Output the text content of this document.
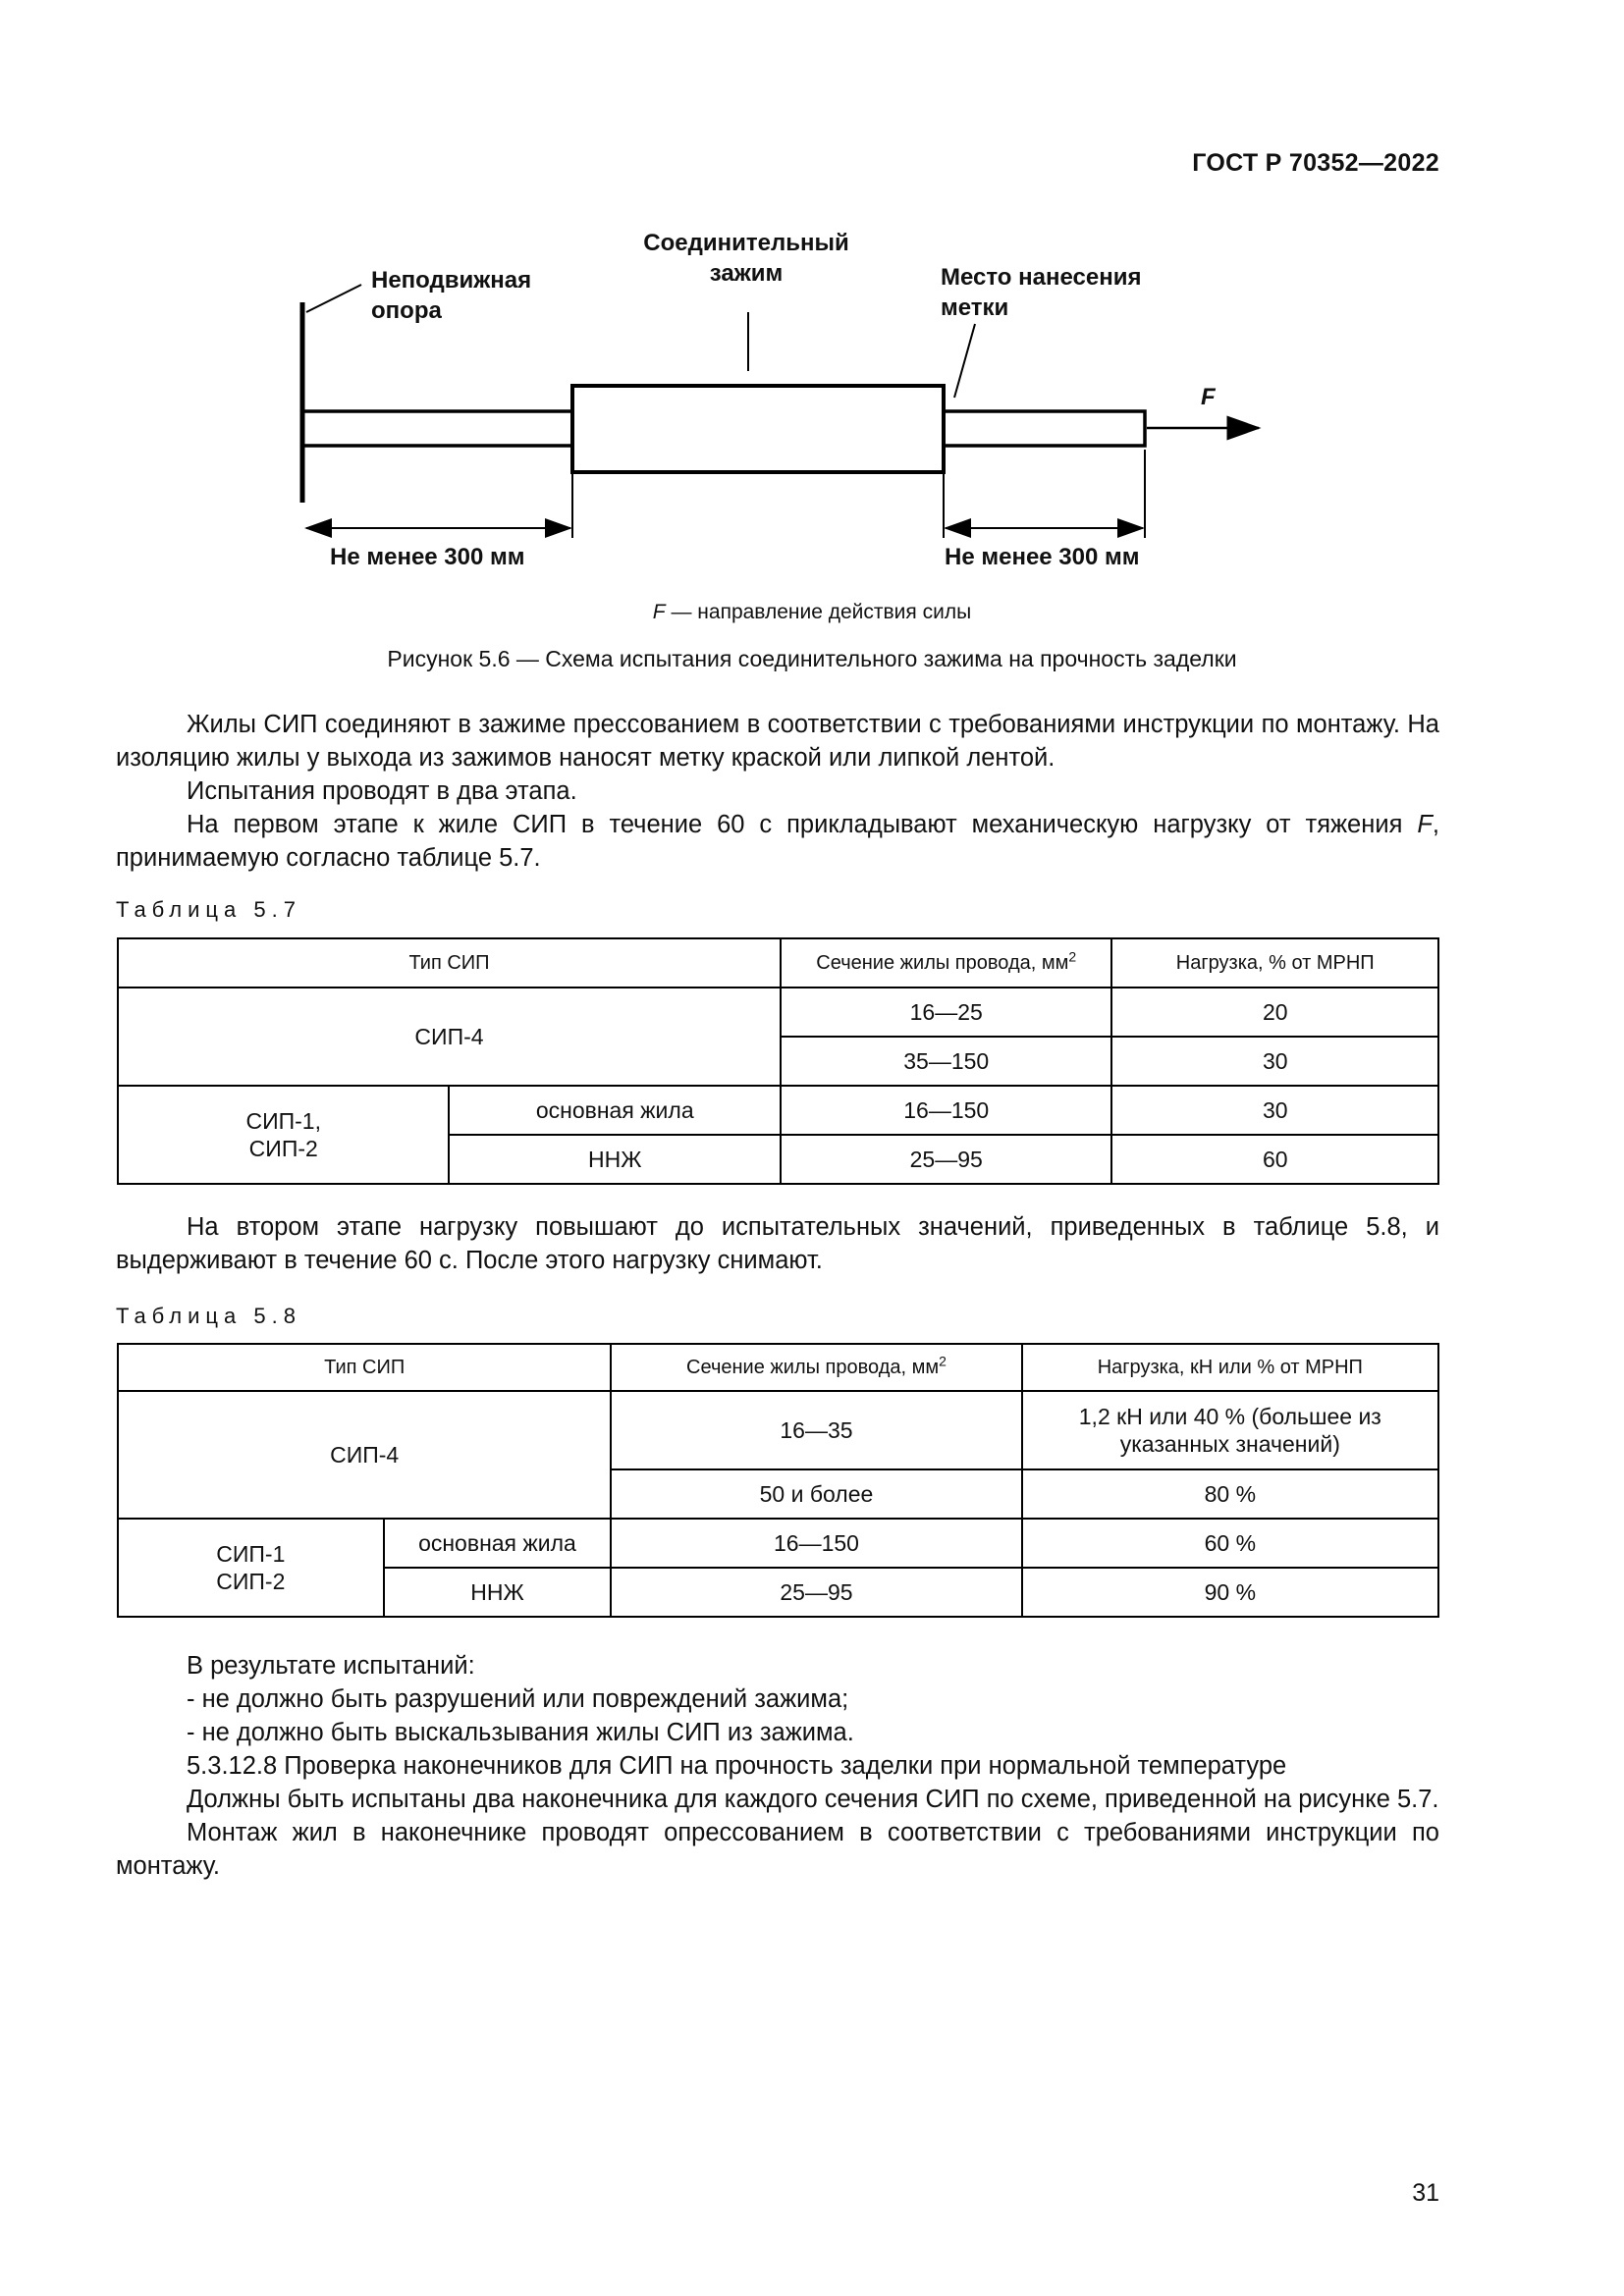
ГОСТ Р 70352—2022
Неподвижная
опора
Соединительный
зажим	Место нанесения
метки
F
Не менее 300 мм	Не менее 300 мм
F — направление действия силы
Рисунок 5.6 — Схема испытания соединительного зажима на прочность заделки

Жилы СИП соединяют в зажиме прессованием в соответствии с требованиями инструкции по монтажу. На изоляцию жилы у выхода из зажимов наносят метку краской или липкой лентой.

Испытания проводят в два этапа.

На первом этапе к жиле СИП в течение 60 с прикладывают механическую нагрузку от тяжения F, принимаемую согласно таблице 5.7.

Таблица 5.7
Тип СИП		Сечение жилы провода, $мм^2$	Нагрузка, % от МРНП
СИП-4		16—25	20
		35—150	30

СИП-1,
СИП-2	основная жила	16—150	30
	ННЖ	25—95	60

На втором этапе нагрузку повышают до испытательных значений, приведенных в таблице 5.8, и выдерживают в течение 60 с. После этого нагрузку снимают.

Таблица 5.8
Тип СИП		Сечение жилы провода, $мм^2$	Нагрузка, кН или % от МРНП
СИП-4		16—35	1,2 кН или 40 % (большее из
указанных значений)

		50 и более	80 %

СИП-1
СИП-2	основная жила	16—150	60 %
	ННЖ	25—95	90 %

В результате испытаний:

- не должно быть разрушений или повреждений зажима;

- не должно быть выскальзывания жилы СИП из зажима.

5.3.12.8 Проверка наконечников для СИП на прочность заделки при нормальной температуре

Должны быть испытаны два наконечника для каждого сечения СИП по схеме, приведенной на рисунке 5.7.

Монтаж жил в наконечнике проводят опрессованием в соответствии с требованиями инструкции по монтажу.

31
